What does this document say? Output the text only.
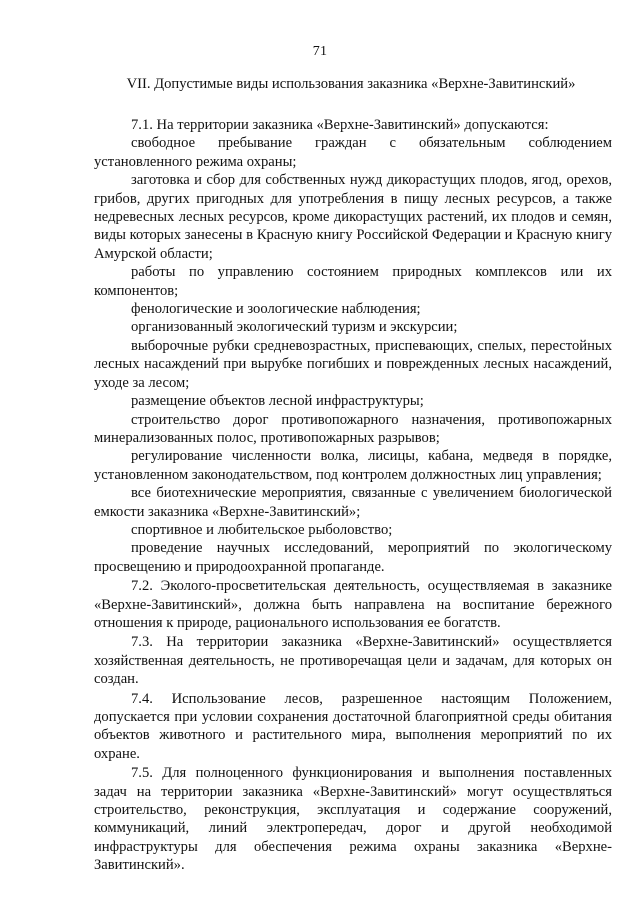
71
VII. Допустимые виды использования заказника «Верхне-Завитинский»

7.1. На территории заказника «Верхне-Завитинский» допускаются:

свободное пребывание граждан с обязательным соблюдением установленного режима охраны;

заготовка и сбор для собственных нужд дикорастущих плодов, ягод, орехов, грибов, других пригодных для употребления в пищу лесных ресурсов, а также недревесных лесных ресурсов, кроме дикорастущих растений, их плодов и семян, виды которых занесены в Красную книгу Российской Федерации и Красную книгу Амурской области;

работы по управлению состоянием природных комплексов или их компонентов;

фенологические и зоологические наблюдения;

организованный экологический туризм и экскурсии;

выборочные рубки средневозрастных, приспевающих, спелых, перестойных лесных насаждений при вырубке погибших и поврежденных лесных насаждений, уходе за лесом;

размещение объектов лесной инфраструктуры;

строительство дорог противопожарного назначения, противопожарных минерализованных полос, противопожарных разрывов;

регулирование численности волка, лисицы, кабана, медведя в порядке, установленном законодательством, под контролем должностных лиц управления;

все биотехнические мероприятия, связанные с увеличением биологической емкости заказника «Верхне-Завитинский»;

спортивное и любительское рыболовство;

проведение научных исследований, мероприятий по экологическому просвещению и природоохранной пропаганде.

7.2. Эколого-просветительская деятельность, осуществляемая в заказнике «Верхне-Завитинский», должна быть направлена на воспитание бережного отношения к природе, рационального использования ее богатств.

7.3. На территории заказника «Верхне-Завитинский» осуществляется хозяйственная деятельность, не противоречащая цели и задачам, для которых он создан.

7.4. Использование лесов, разрешенное настоящим Положением, допускается при условии сохранения достаточной благоприятной среды обитания объектов животного и растительного мира, выполнения мероприятий по их охране.

7.5. Для полноценного функционирования и выполнения поставленных задач на территории заказника «Верхне-Завитинский» могут осуществляться строительство, реконструкция, эксплуатация и содержание сооружений, коммуникаций, линий электропередач, дорог и другой необходимой инфраструктуры для обеспечения режима охраны заказника «Верхне-Завитинский».
